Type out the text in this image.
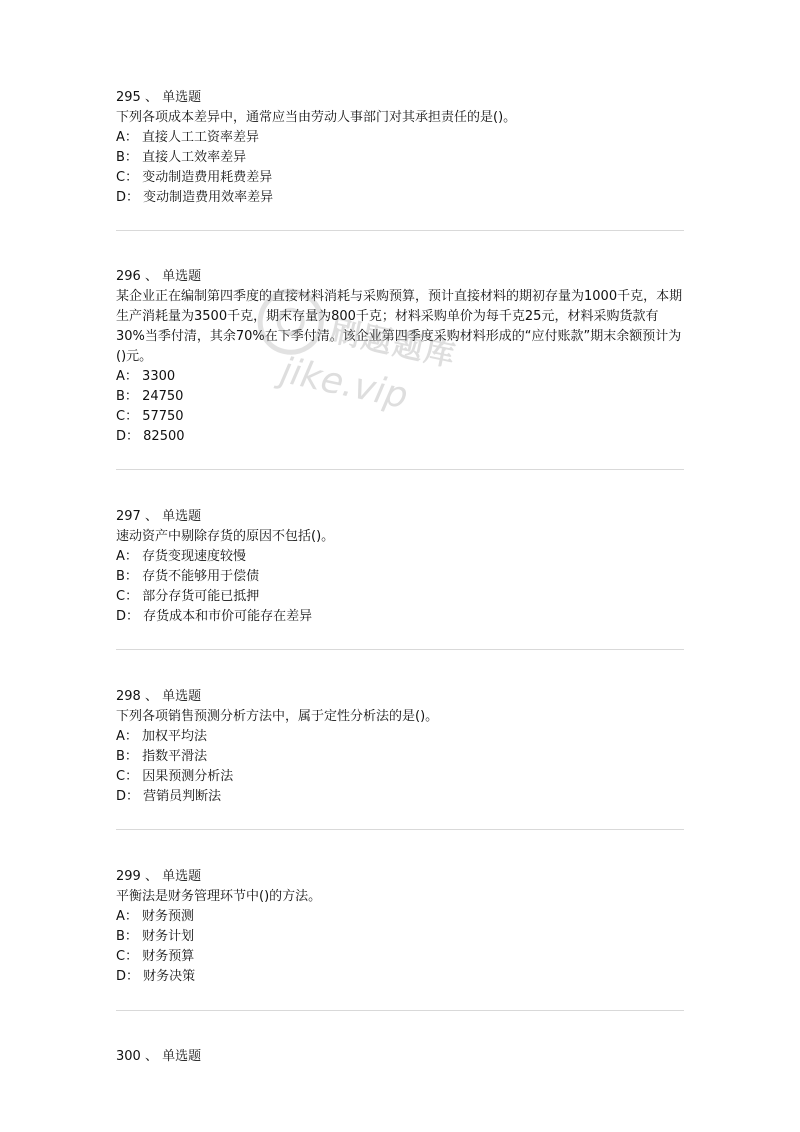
295 、 单选题
下列各项成本差异中，通常应当由劳动人事部门对其承担责任的是()。
A： 直接人工工资率差异
B： 直接人工效率差异
C： 变动制造费用耗费差异
D： 变动制造费用效率差异
296 、 单选题
某企业正在编制第四季度的直接材料消耗与采购预算，预计直接材料的期初存量为1000千克，本期生产消耗量为3500千克，期末存量为800千克；材料采购单价为每千克25元，材料采购货款有30%当季付清，其余70%在下季付清。该企业第四季度采购材料形成的“应付账款”期末余额预计为()元。
A： 3300
B： 24750
C： 57750
D： 82500
297 、 单选题
速动资产中剔除存货的原因不包括()。
A： 存货变现速度较慢
B： 存货不能够用于偿债
C： 部分存货可能已抵押
D： 存货成本和市价可能存在差异
298 、 单选题
下列各项销售预测分析方法中，属于定性分析法的是()。
A： 加权平均法
B： 指数平滑法
C： 因果预测分析法
D： 营销员判断法
299 、 单选题
平衡法是财务管理环节中()的方法。
A： 财务预测
B： 财务计划
C： 财务预算
D： 财务决策
300 、 单选题
刷题题库
jike.vip
